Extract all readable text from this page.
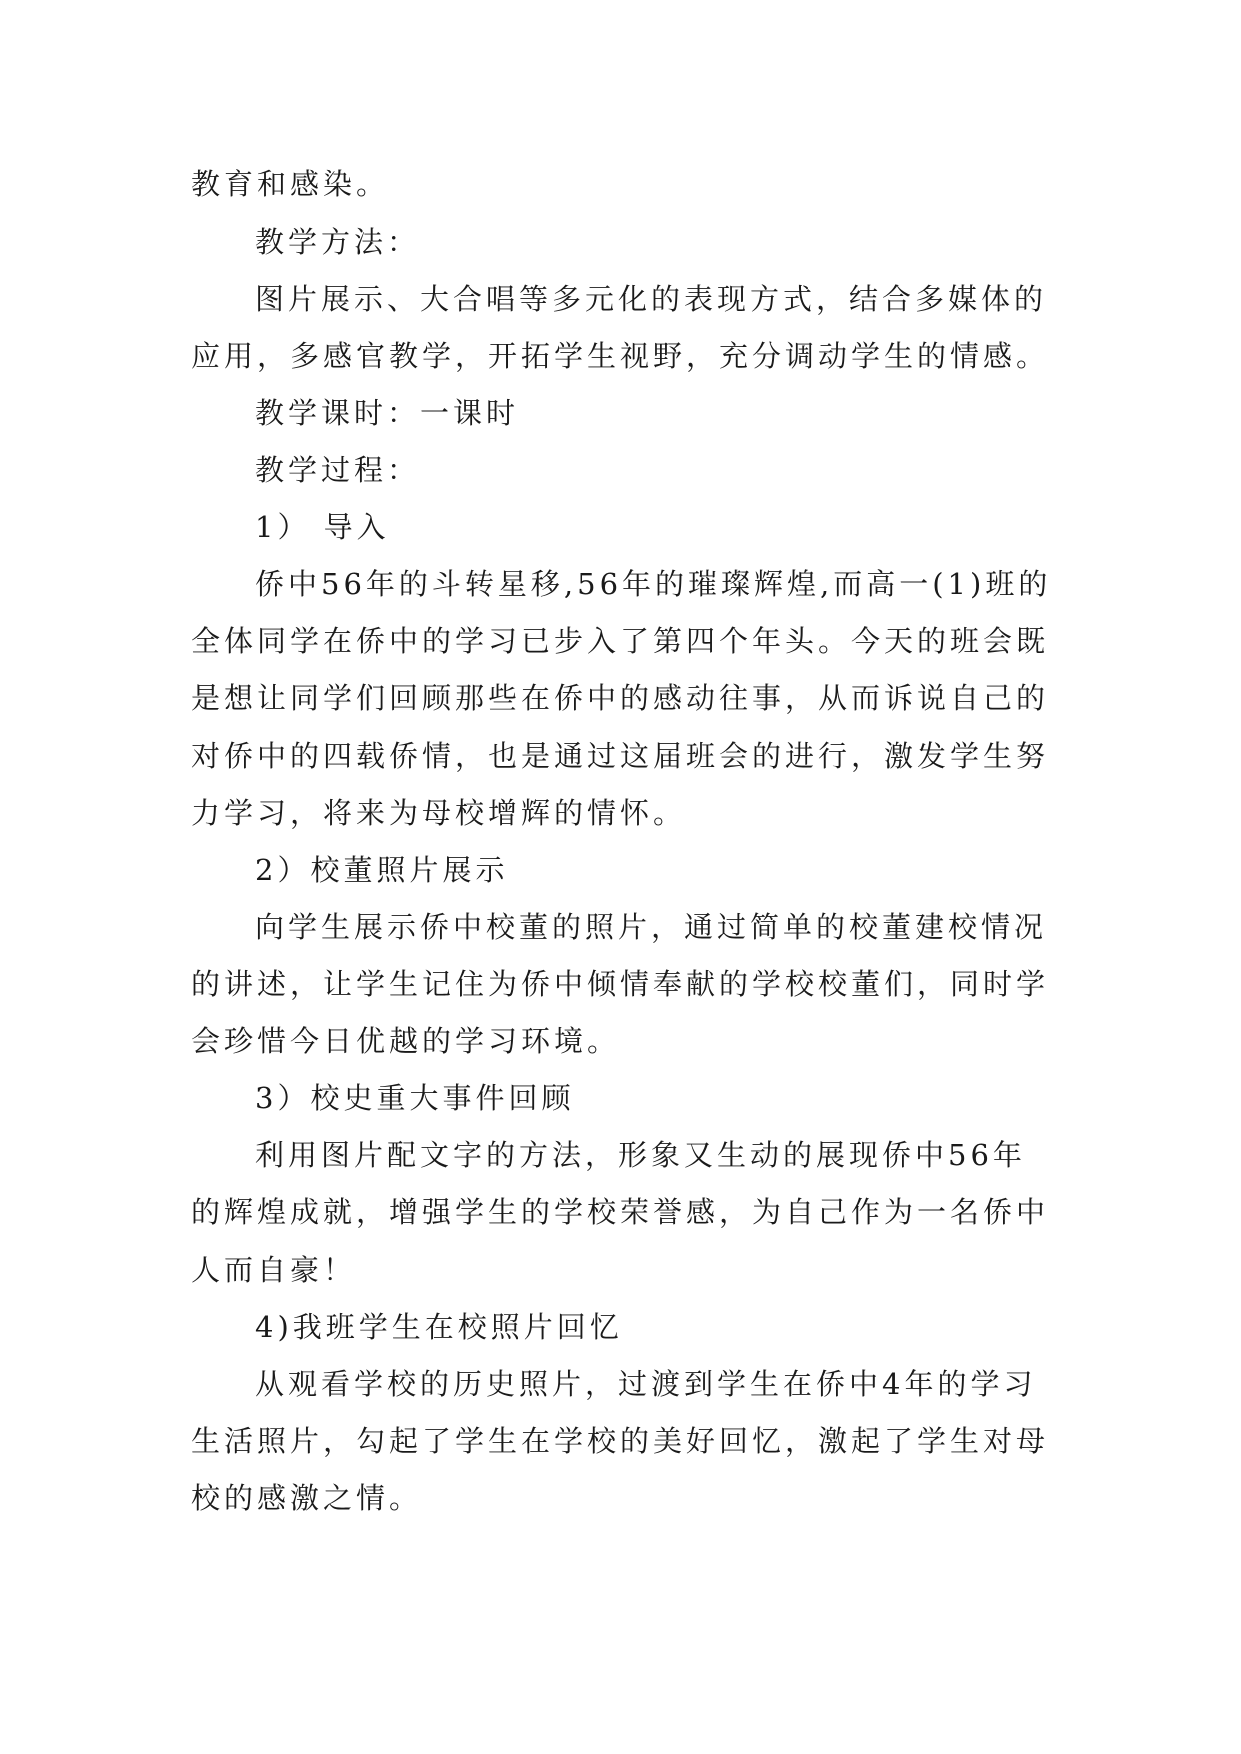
教育和感染。
教学方法：
图片展示、大合唱等多元化的表现方式，结合多媒体的
应用，多感官教学，开拓学生视野，充分调动学生的情感。
教学课时：一课时
教学过程：
1） 导入
侨中56年的斗转星移,56年的璀璨辉煌,而高一(1)班的
全体同学在侨中的学习已步入了第四个年头。今天的班会既
是想让同学们回顾那些在侨中的感动往事，从而诉说自己的
对侨中的四载侨情，也是通过这届班会的进行，激发学生努
力学习，将来为母校增辉的情怀。
2）校董照片展示
向学生展示侨中校董的照片，通过简单的校董建校情况
的讲述，让学生记住为侨中倾情奉献的学校校董们，同时学
会珍惜今日优越的学习环境。
3）校史重大事件回顾
利用图片配文字的方法，形象又生动的展现侨中56年
的辉煌成就，增强学生的学校荣誉感，为自己作为一名侨中
人而自豪！
4)我班学生在校照片回忆
从观看学校的历史照片，过渡到学生在侨中4年的学习
生活照片，勾起了学生在学校的美好回忆，激起了学生对母
校的感激之情。
